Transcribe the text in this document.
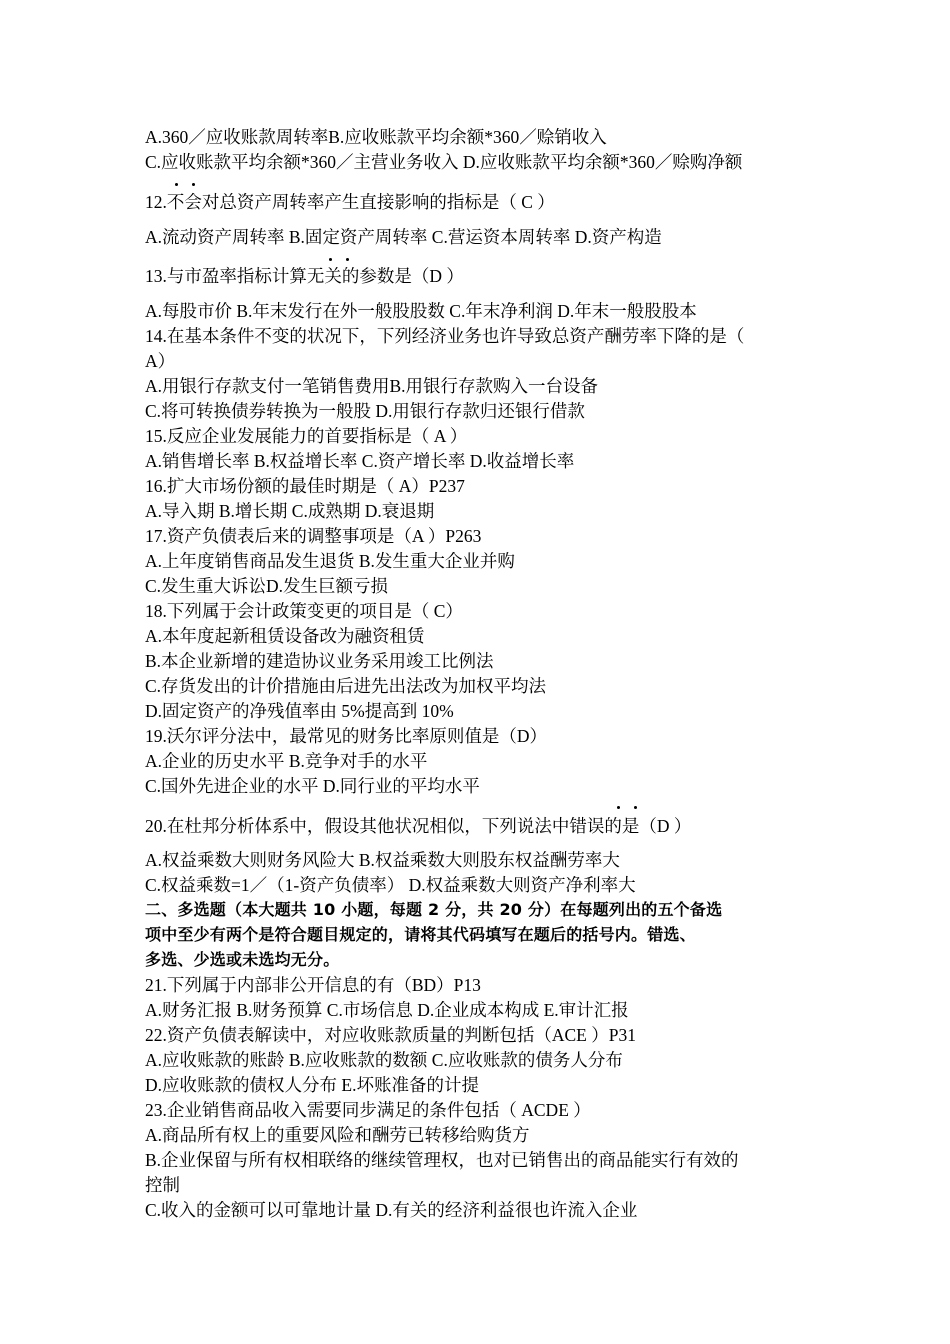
A.360／应收账款周转率B.应收账款平均余额*360／赊销收入

C.应收账款平均余额*360／主营业务收入 D.应收账款平均余额*360／赊购净额

12.不会对总资产周转率产生直接影响的指标是（ C ）

A.流动资产周转率 B.固定资产周转率 C.营运资本周转率 D.资产构造

13.与市盈率指标计算无关的参数是（D ）

A.每股市价 B.年末发行在外一般股股数 C.年末净利润 D.年末一般股股本

14.在基本条件不变的状况下，下列经济业务也许导致总资产酬劳率下降的是（

A）

A.用银行存款支付一笔销售费用B.用银行存款购入一台设备

C.将可转换债券转换为一般股 D.用银行存款归还银行借款

15.反应企业发展能力的首要指标是（ A ）

A.销售增长率 B.权益增长率 C.资产增长率 D.收益增长率

16.扩大市场份额的最佳时期是（ A）P237

A.导入期 B.增长期 C.成熟期 D.衰退期

17.资产负债表后来的调整事项是（A ）P263

A.上年度销售商品发生退货 B.发生重大企业并购

C.发生重大诉讼D.发生巨额亏损

18.下列属于会计政策变更的项目是（ C）

A.本年度起新租赁设备改为融资租赁

B.本企业新增的建造协议业务采用竣工比例法

C.存货发出的计价措施由后进先出法改为加权平均法

D.固定资产的净残值率由 5%提高到 10%

19.沃尔评分法中，最常见的财务比率原则值是（D）

A.企业的历史水平 B.竞争对手的水平

C.国外先进企业的水平 D.同行业的平均水平

20.在杜邦分析体系中，假设其他状况相似，下列说法中错误的是（D ）

A.权益乘数大则财务风险大 B.权益乘数大则股东权益酬劳率大

C.权益乘数=1／（1-资产负债率） D.权益乘数大则资产净利率大

二、多选题（本大题共 10 小题，每题 2 分，共 20 分）在每题列出的五个备选

项中至少有两个是符合题目规定的，请将其代码填写在题后的括号内。错选、

多选、少选或未选均无分。

21.下列属于内部非公开信息的有（BD）P13

A.财务汇报 B.财务预算 C.市场信息 D.企业成本构成 E.审计汇报

22.资产负债表解读中，对应收账款质量的判断包括（ACE ）P31

A.应收账款的账龄 B.应收账款的数额 C.应收账款的债务人分布

D.应收账款的债权人分布 E.坏账准备的计提

23.企业销售商品收入需要同步满足的条件包括（ ACDE ）

A.商品所有权上的重要风险和酬劳已转移给购货方

B.企业保留与所有权相联络的继续管理权，也对已销售出的商品能实行有效的

控制

C.收入的金额可以可靠地计量 D.有关的经济利益很也许流入企业
